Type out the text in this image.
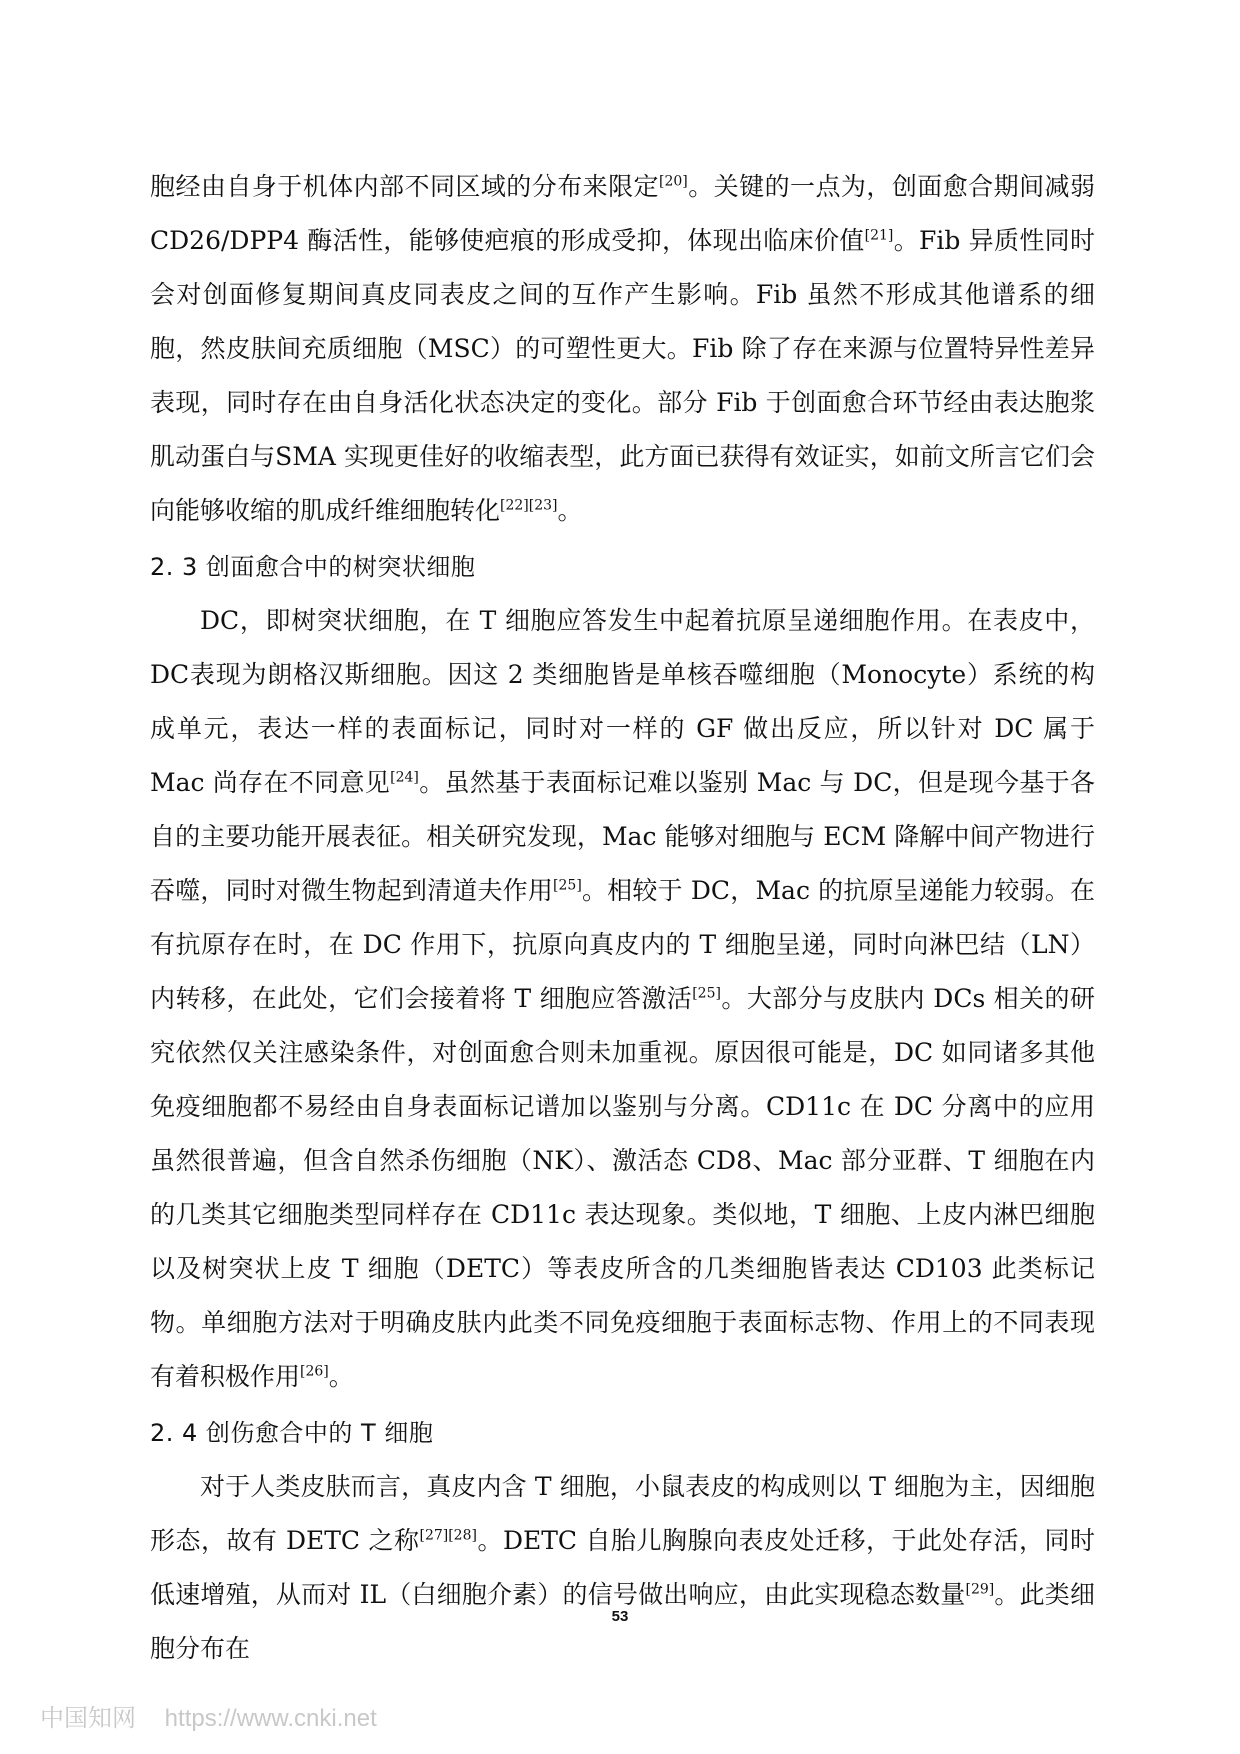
胞经由自身于机体内部不同区域的分布来限定[20]。关键的一点为，创面愈合期间减弱CD26/DPP4 酶活性，能够使疤痕的形成受抑，体现出临床价值[21]。Fib 异质性同时会对创面修复期间真皮同表皮之间的互作产生影响。Fib 虽然不形成其他谱系的细胞，然皮肤间充质细胞（MSC）的可塑性更大。Fib 除了存在来源与位置特异性差异表现，同时存在由自身活化状态决定的变化。部分 Fib 于创面愈合环节经由表达胞浆肌动蛋白与SMA 实现更佳好的收缩表型，此方面已获得有效证实，如前文所言它们会向能够收缩的肌成纤维细胞转化[22][23]。

2. 3 创面愈合中的树突状细胞

DC，即树突状细胞，在 T 细胞应答发生中起着抗原呈递细胞作用。在表皮中，DC表现为朗格汉斯细胞。因这 2 类细胞皆是单核吞噬细胞（Monocyte）系统的构成单元，表达一样的表面标记，同时对一样的 GF 做出反应，所以针对 DC 属于 Mac 尚存在不同意见[24]。虽然基于表面标记难以鉴别 Mac 与 DC，但是现今基于各自的主要功能开展表征。相关研究发现，Mac 能够对细胞与 ECM 降解中间产物进行吞噬，同时对微生物起到清道夫作用[25]。相较于 DC，Mac 的抗原呈递能力较弱。在有抗原存在时，在 DC 作用下，抗原向真皮内的 T 细胞呈递，同时向淋巴结（LN）内转移，在此处，它们会接着将 T 细胞应答激活[25]。大部分与皮肤内 DCs 相关的研究依然仅关注感染条件，对创面愈合则未加重视。原因很可能是，DC 如同诸多其他免疫细胞都不易经由自身表面标记谱加以鉴别与分离。CD11c 在 DC 分离中的应用虽然很普遍，但含自然杀伤细胞（NK）、激活态 CD8、Mac 部分亚群、T 细胞在内的几类其它细胞类型同样存在 CD11c 表达现象。类似地，T 细胞、上皮内淋巴细胞以及树突状上皮 T 细胞（DETC）等表皮所含的几类细胞皆表达 CD103 此类标记物。单细胞方法对于明确皮肤内此类不同免疫细胞于表面标志物、作用上的不同表现有着积极作用[26]。

2. 4 创伤愈合中的 T 细胞

对于人类皮肤而言，真皮内含 T 细胞，小鼠表皮的构成则以 T 细胞为主，因细胞形态，故有 DETC 之称[27][28]。DETC 自胎儿胸腺向表皮处迁移，于此处存活，同时低速增殖，从而对 IL（白细胞介素）的信号做出响应，由此实现稳态数量[29]。此类细胞分布在

53
中国知网 https://www.cnki.net
